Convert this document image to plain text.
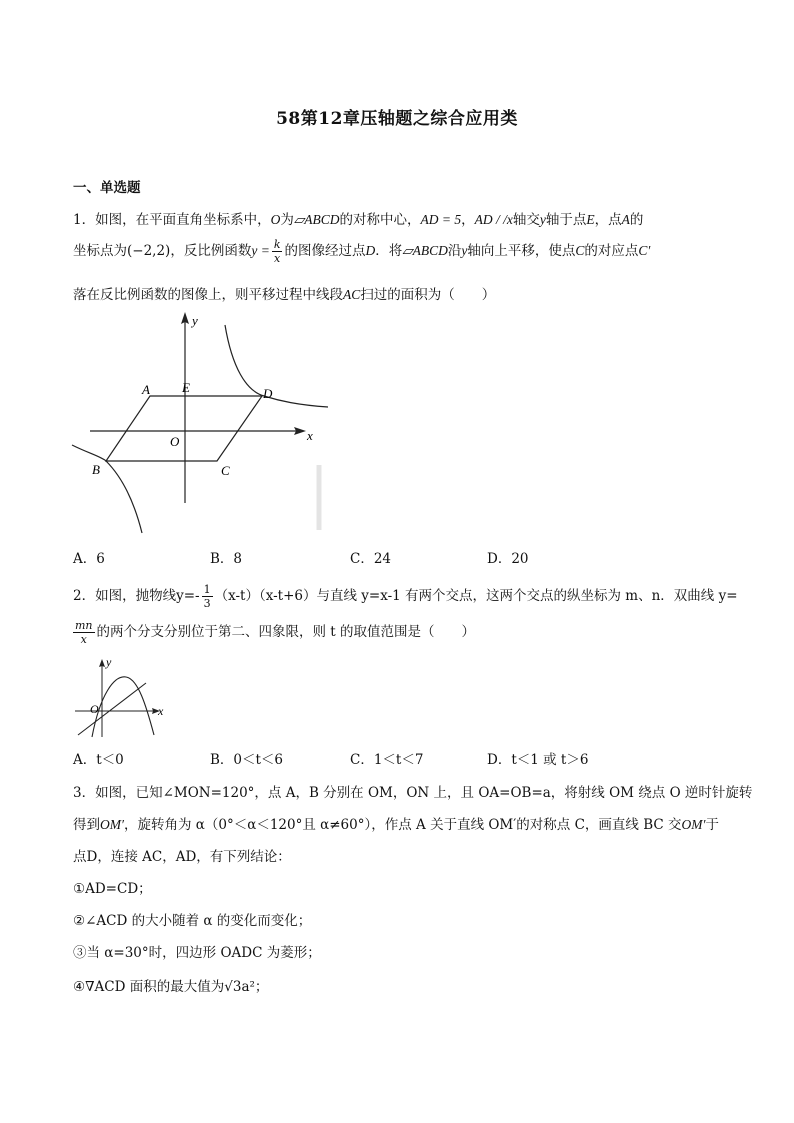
58第12章压轴题之综合应用类
一、单选题
1．如图，在平面直角坐标系中，O为▱ABCD的对称中心，AD = 5，AD / /x轴交y轴于点E，点A的
坐标点为(−2,2)，反比例函数$y = \frac{k}{x}$ 的图像经过点D．将▱ABCD沿y轴向上平移，使点C的对应点C′
落在反比例函数的图像上，则平移过程中线段AC扫过的面积为（　　）
y
x
A E	D
O
B	C
A．6	B．8	C．24	D．20
2．如图，抛物线$y=- \frac{1}{3} (x-t)(x-t+6)$与直线 y=x-1 有两个交点，这两个交点的纵坐标为 m、n．双曲线 y=
$\frac{mn}{x}$ 的两个分支分别位于第二、四象限，则 t 的取值范围是（　　）
y
x
O
A．t＜0	B．0＜t＜6	C．1＜t＜7	D．t＜1 或 t＞6
3．如图，已知∠MON=120°，点 A，B 分别在 OM，ON 上，且 OA=OB=a，将射线 OM 绕点 O 逆时针旋转
得到OM′，旋转角为 α（0°＜α＜120°且 α≠60°），作点 A 关于直线 OM′的对称点 C，画直线 BC 交OM′于
点D，连接 AC，AD，有下列结论：
①AD=CD；
②∠ACD 的大小随着 α 的变化而变化；
③当 α=30°时，四边形 OADC 为菱形；
④∇ACD 面积的最大值为√3a²；
